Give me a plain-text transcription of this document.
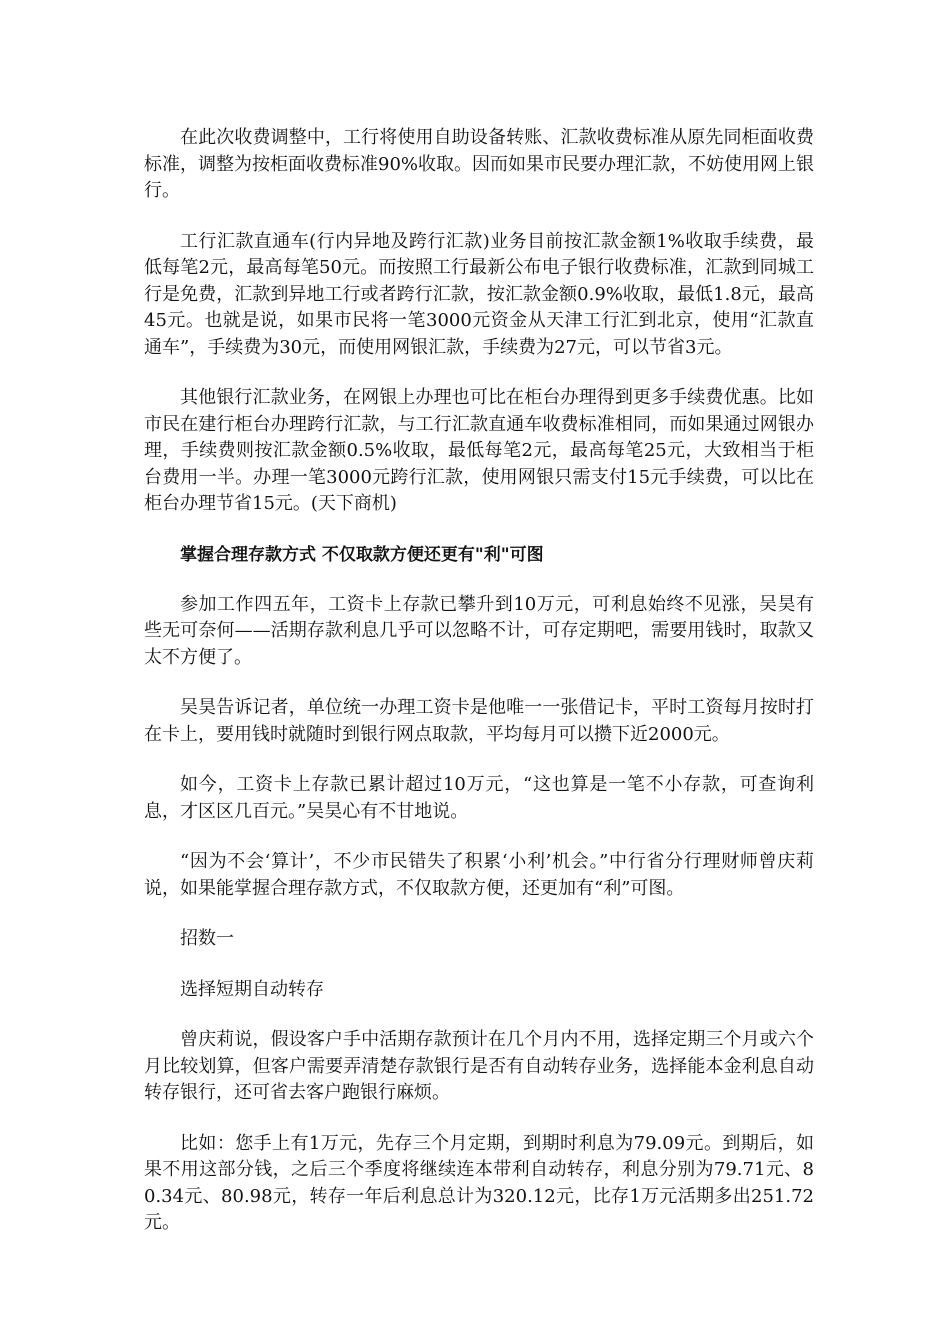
在此次收费调整中，工行将使用自助设备转账、汇款收费标准从原先同柜面收费标准，调整为按柜面收费标准90%收取。因而如果市民要办理汇款，不妨使用网上银行。

工行汇款直通车(行内异地及跨行汇款)业务目前按汇款金额1%收取手续费，最低每笔2元，最高每笔50元。而按照工行最新公布电子银行收费标准，汇款到同城工行是免费，汇款到异地工行或者跨行汇款，按汇款金额0.9%收取，最低1.8元，最高45元。也就是说，如果市民将一笔3000元资金从天津工行汇到北京，使用“汇款直通车”，手续费为30元，而使用网银汇款，手续费为27元，可以节省3元。

其他银行汇款业务，在网银上办理也可比在柜台办理得到更多手续费优惠。比如市民在建行柜台办理跨行汇款，与工行汇款直通车收费标准相同，而如果通过网银办理，手续费则按汇款金额0.5%收取，最低每笔2元，最高每笔25元，大致相当于柜台费用一半。办理一笔3000元跨行汇款，使用网银只需支付15元手续费，可以比在柜台办理节省15元。(天下商机)

掌握合理存款方式 不仅取款方便还更有"利"可图

参加工作四五年，工资卡上存款已攀升到10万元，可利息始终不见涨，吴昊有些无可奈何——活期存款利息几乎可以忽略不计，可存定期吧，需要用钱时，取款又太不方便了。

吴昊告诉记者，单位统一办理工资卡是他唯一一张借记卡，平时工资每月按时打在卡上，要用钱时就随时到银行网点取款，平均每月可以攒下近2000元。

如今，工资卡上存款已累计超过10万元，“这也算是一笔不小存款，可查询利息，才区区几百元。”吴昊心有不甘地说。

“因为不会‘算计’，不少市民错失了积累‘小利’机会。”中行省分行理财师曾庆莉说，如果能掌握合理存款方式，不仅取款方便，还更加有“利”可图。

招数一

选择短期自动转存

曾庆莉说，假设客户手中活期存款预计在几个月内不用，选择定期三个月或六个月比较划算，但客户需要弄清楚存款银行是否有自动转存业务，选择能本金利息自动转存银行，还可省去客户跑银行麻烦。

比如：您手上有1万元，先存三个月定期，到期时利息为79.09元。到期后，如果不用这部分钱，之后三个季度将继续连本带利自动转存，利息分别为79.71元、80.34元、80.98元，转存一年后利息总计为320.12元，比存1万元活期多出251.72元。
